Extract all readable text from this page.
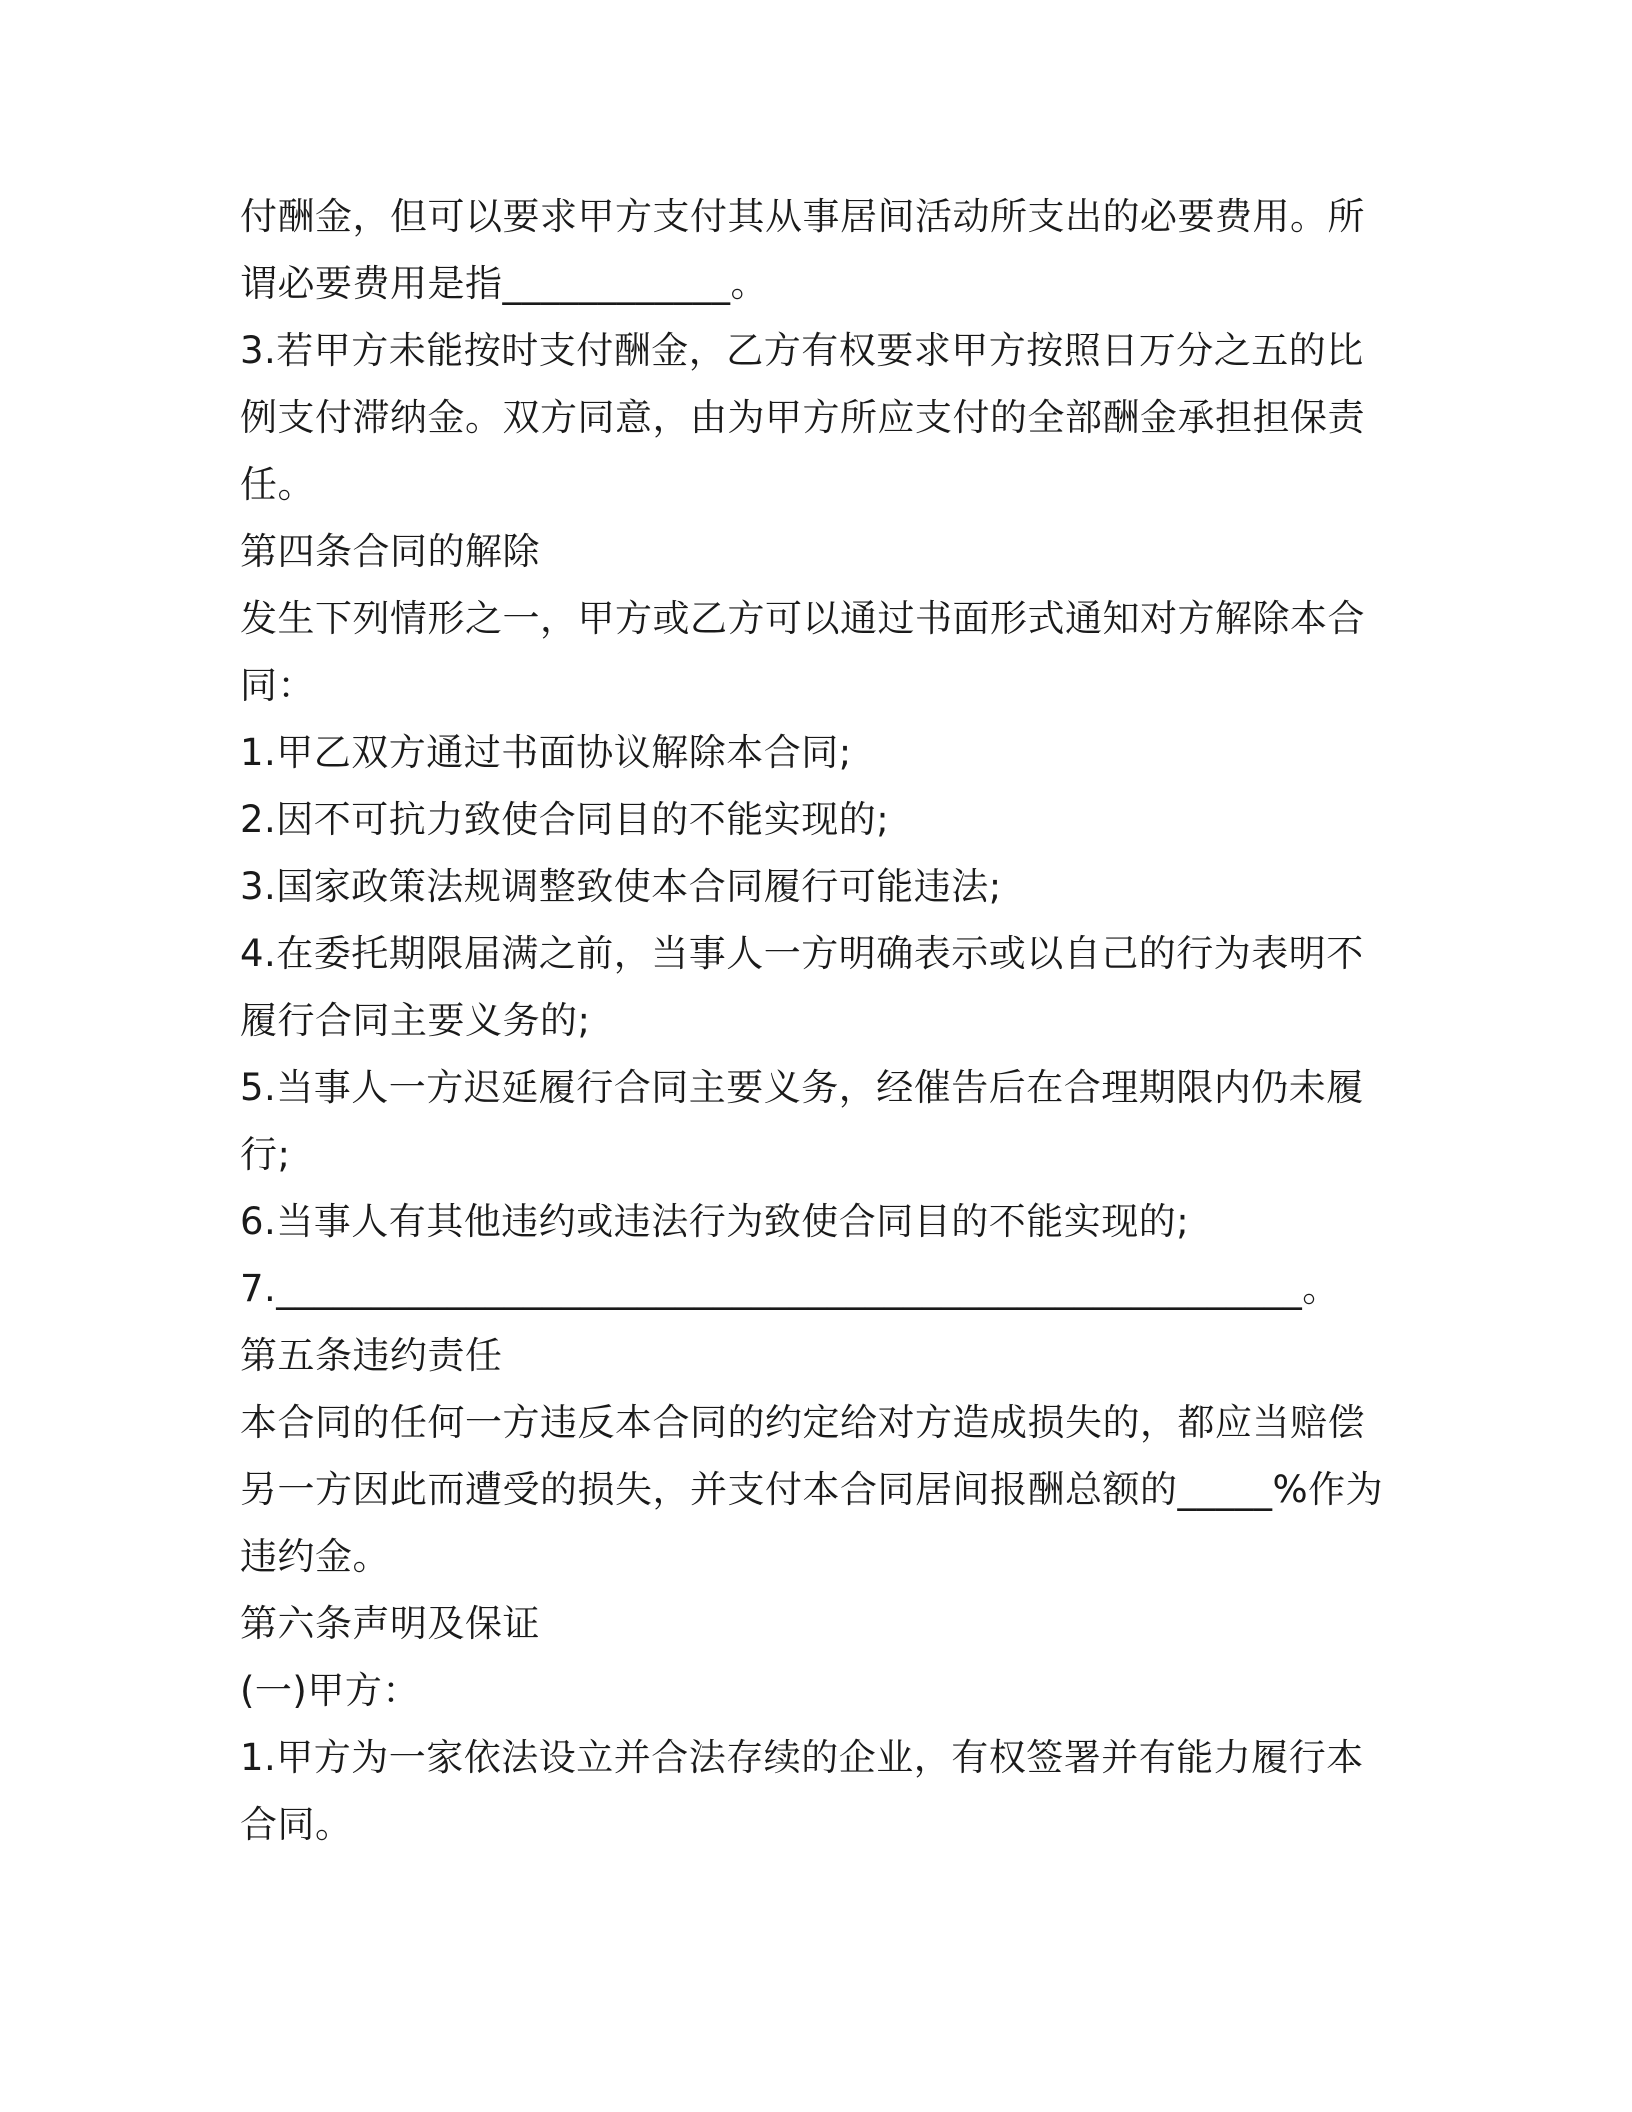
付酬金，但可以要求甲方支付其从事居间活动所支出的必要费用。所
谓必要费用是指____________。
3.若甲方未能按时支付酬金，乙方有权要求甲方按照日万分之五的比
例支付滞纳金。双方同意，由为甲方所应支付的全部酬金承担担保责
任。
第四条合同的解除
发生下列情形之一，甲方或乙方可以通过书面形式通知对方解除本合
同：
1.甲乙双方通过书面协议解除本合同;
2.因不可抗力致使合同目的不能实现的;
3.国家政策法规调整致使本合同履行可能违法;
4.在委托期限届满之前，当事人一方明确表示或以自己的行为表明不
履行合同主要义务的;
5.当事人一方迟延履行合同主要义务，经催告后在合理期限内仍未履
行;
6.当事人有其他违约或违法行为致使合同目的不能实现的;
7.______________________________________________________。
第五条违约责任
本合同的任何一方违反本合同的约定给对方造成损失的，都应当赔偿
另一方因此而遭受的损失，并支付本合同居间报酬总额的_____%作为
违约金。
第六条声明及保证
(一)甲方：
1.甲方为一家依法设立并合法存续的企业，有权签署并有能力履行本
合同。
